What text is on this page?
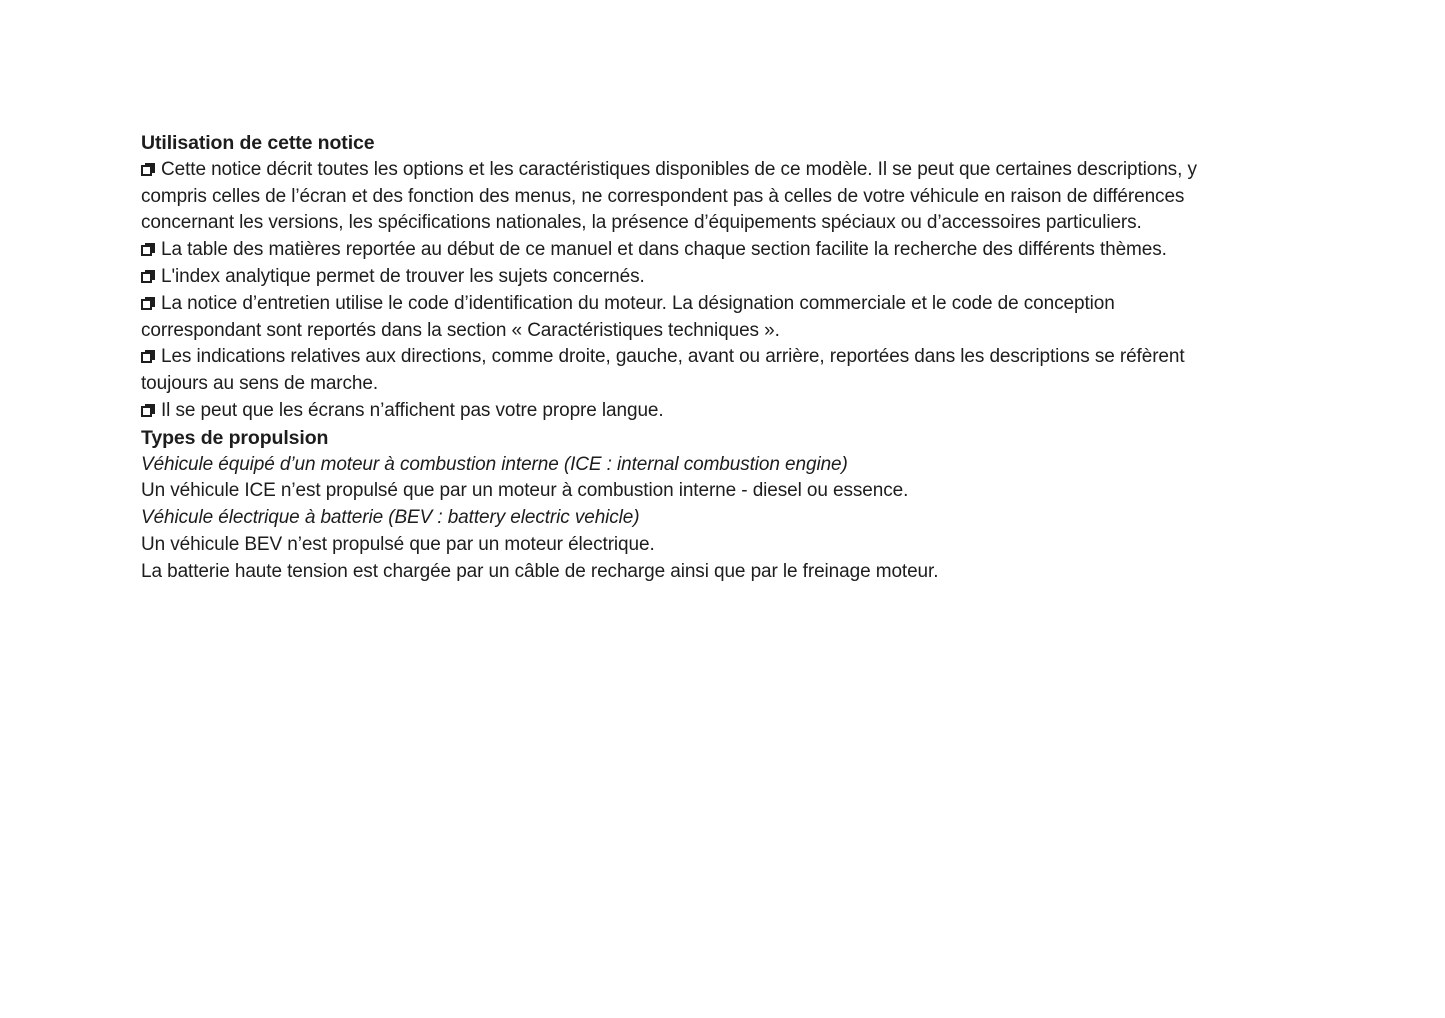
Utilisation de cette notice
Cette notice décrit toutes les options et les caractéristiques disponibles de ce modèle. Il se peut que certaines descriptions, y
compris celles de l’écran et des fonction des menus, ne correspondent pas à celles de votre véhicule en raison de différences
concernant les versions, les spécifications nationales, la présence d’équipements spéciaux ou d’accessoires particuliers.
La table des matières reportée au début de ce manuel et dans chaque section facilite la recherche des différents thèmes.
L'index analytique permet de trouver les sujets concernés.
La notice d’entretien utilise le code d’identification du moteur. La désignation commerciale et le code de conception
correspondant sont reportés dans la section « Caractéristiques techniques ».
Les indications relatives aux directions, comme droite, gauche, avant ou arrière, reportées dans les descriptions se réfèrent
toujours au sens de marche.
Il se peut que les écrans n’affichent pas votre propre langue.
Types de propulsion
Véhicule équipé d’un moteur à combustion interne (ICE : internal combustion engine)
Un véhicule ICE n’est propulsé que par un moteur à combustion interne - diesel ou essence.
Véhicule électrique à batterie (BEV : battery electric vehicle)
Un véhicule BEV n’est propulsé que par un moteur électrique.
La batterie haute tension est chargée par un câble de recharge ainsi que par le freinage moteur.
